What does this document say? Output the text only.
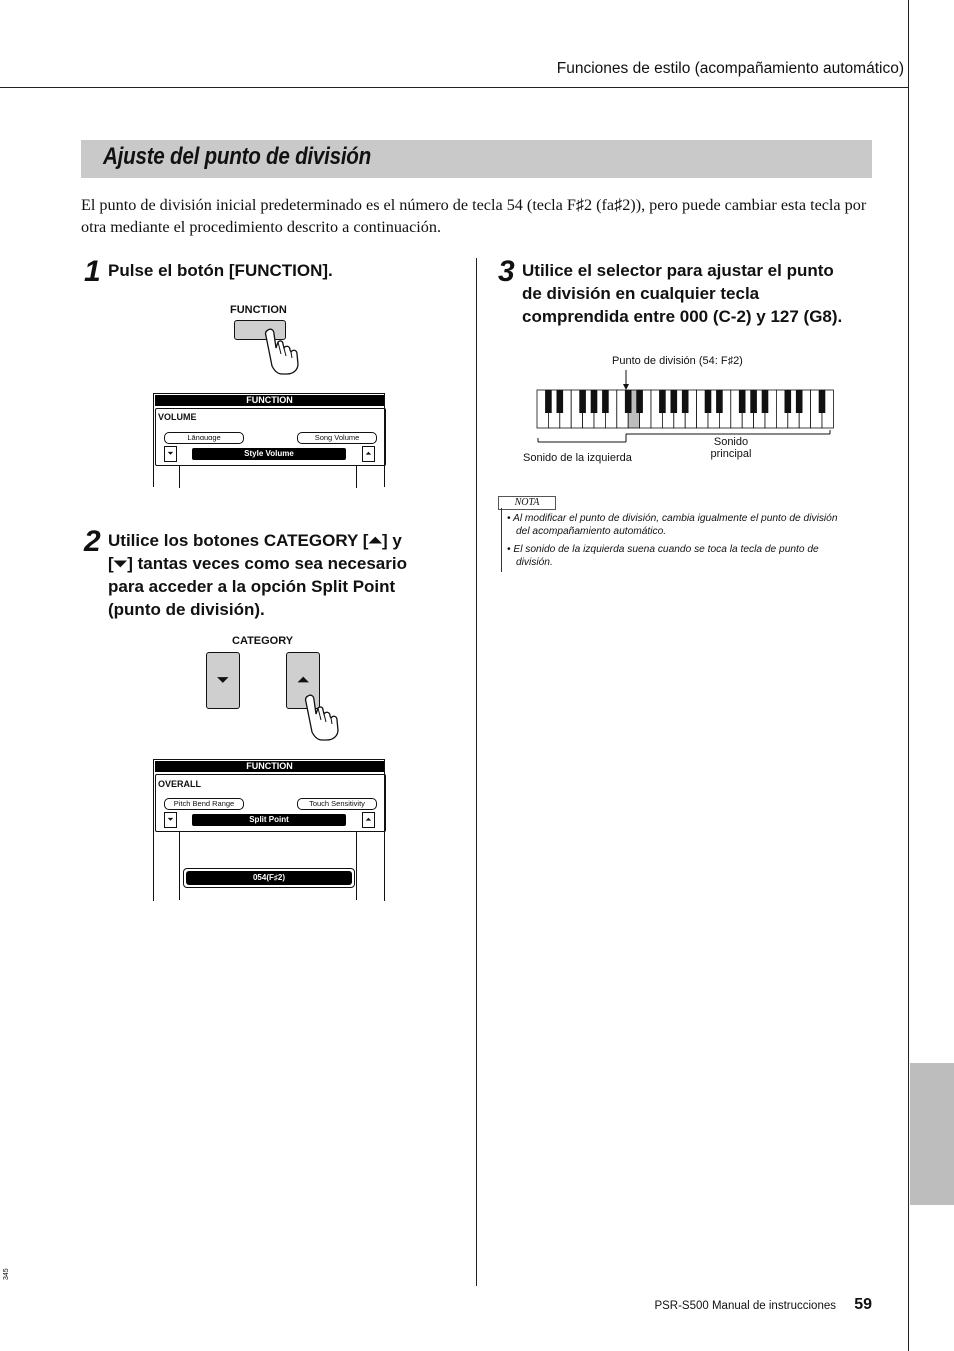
Funciones de estilo (acompañamiento automático)
Ajuste del punto de división
El punto de división inicial predeterminado es el número de tecla 54 (tecla F♯2 (fa♯2)), pero puede cambiar esta tecla por otra mediante el procedimiento descrito a continuación.
1 Pulse el botón [FUNCTION].
FUNCTION
FUNCTION
VOLUME
Lānɑuɑɡe	Sonɡ Volume
⏷	Style Volume	⏶
2 Utilice los botones CATEGORY [⏶] y
[⏷] tantas veces como sea necesario
para acceder a la opción Split Point
(punto de división).
CATEGORY
⏷	⏶
FUNCTION
OVERALL
Pitch Bend Range	Touch Sensitivity
⏷	Split Point	⏶
054(F♯2)
3 Utilice el selector para ajustar el punto
de división en cualquier tecla
comprendida entre 000 (C-2) y 127 (G8).
Punto de división (54: F♯2)
Sonido de la izquierda
Sonido
principal
NOTA
• Al modificar el punto de división, cambia igualmente el punto de división
del acompañamiento automático.
• El sonido de la izquierda suena cuando se toca la tecla de punto de
división.
PSR-S500 Manual de instrucciones 59
345
